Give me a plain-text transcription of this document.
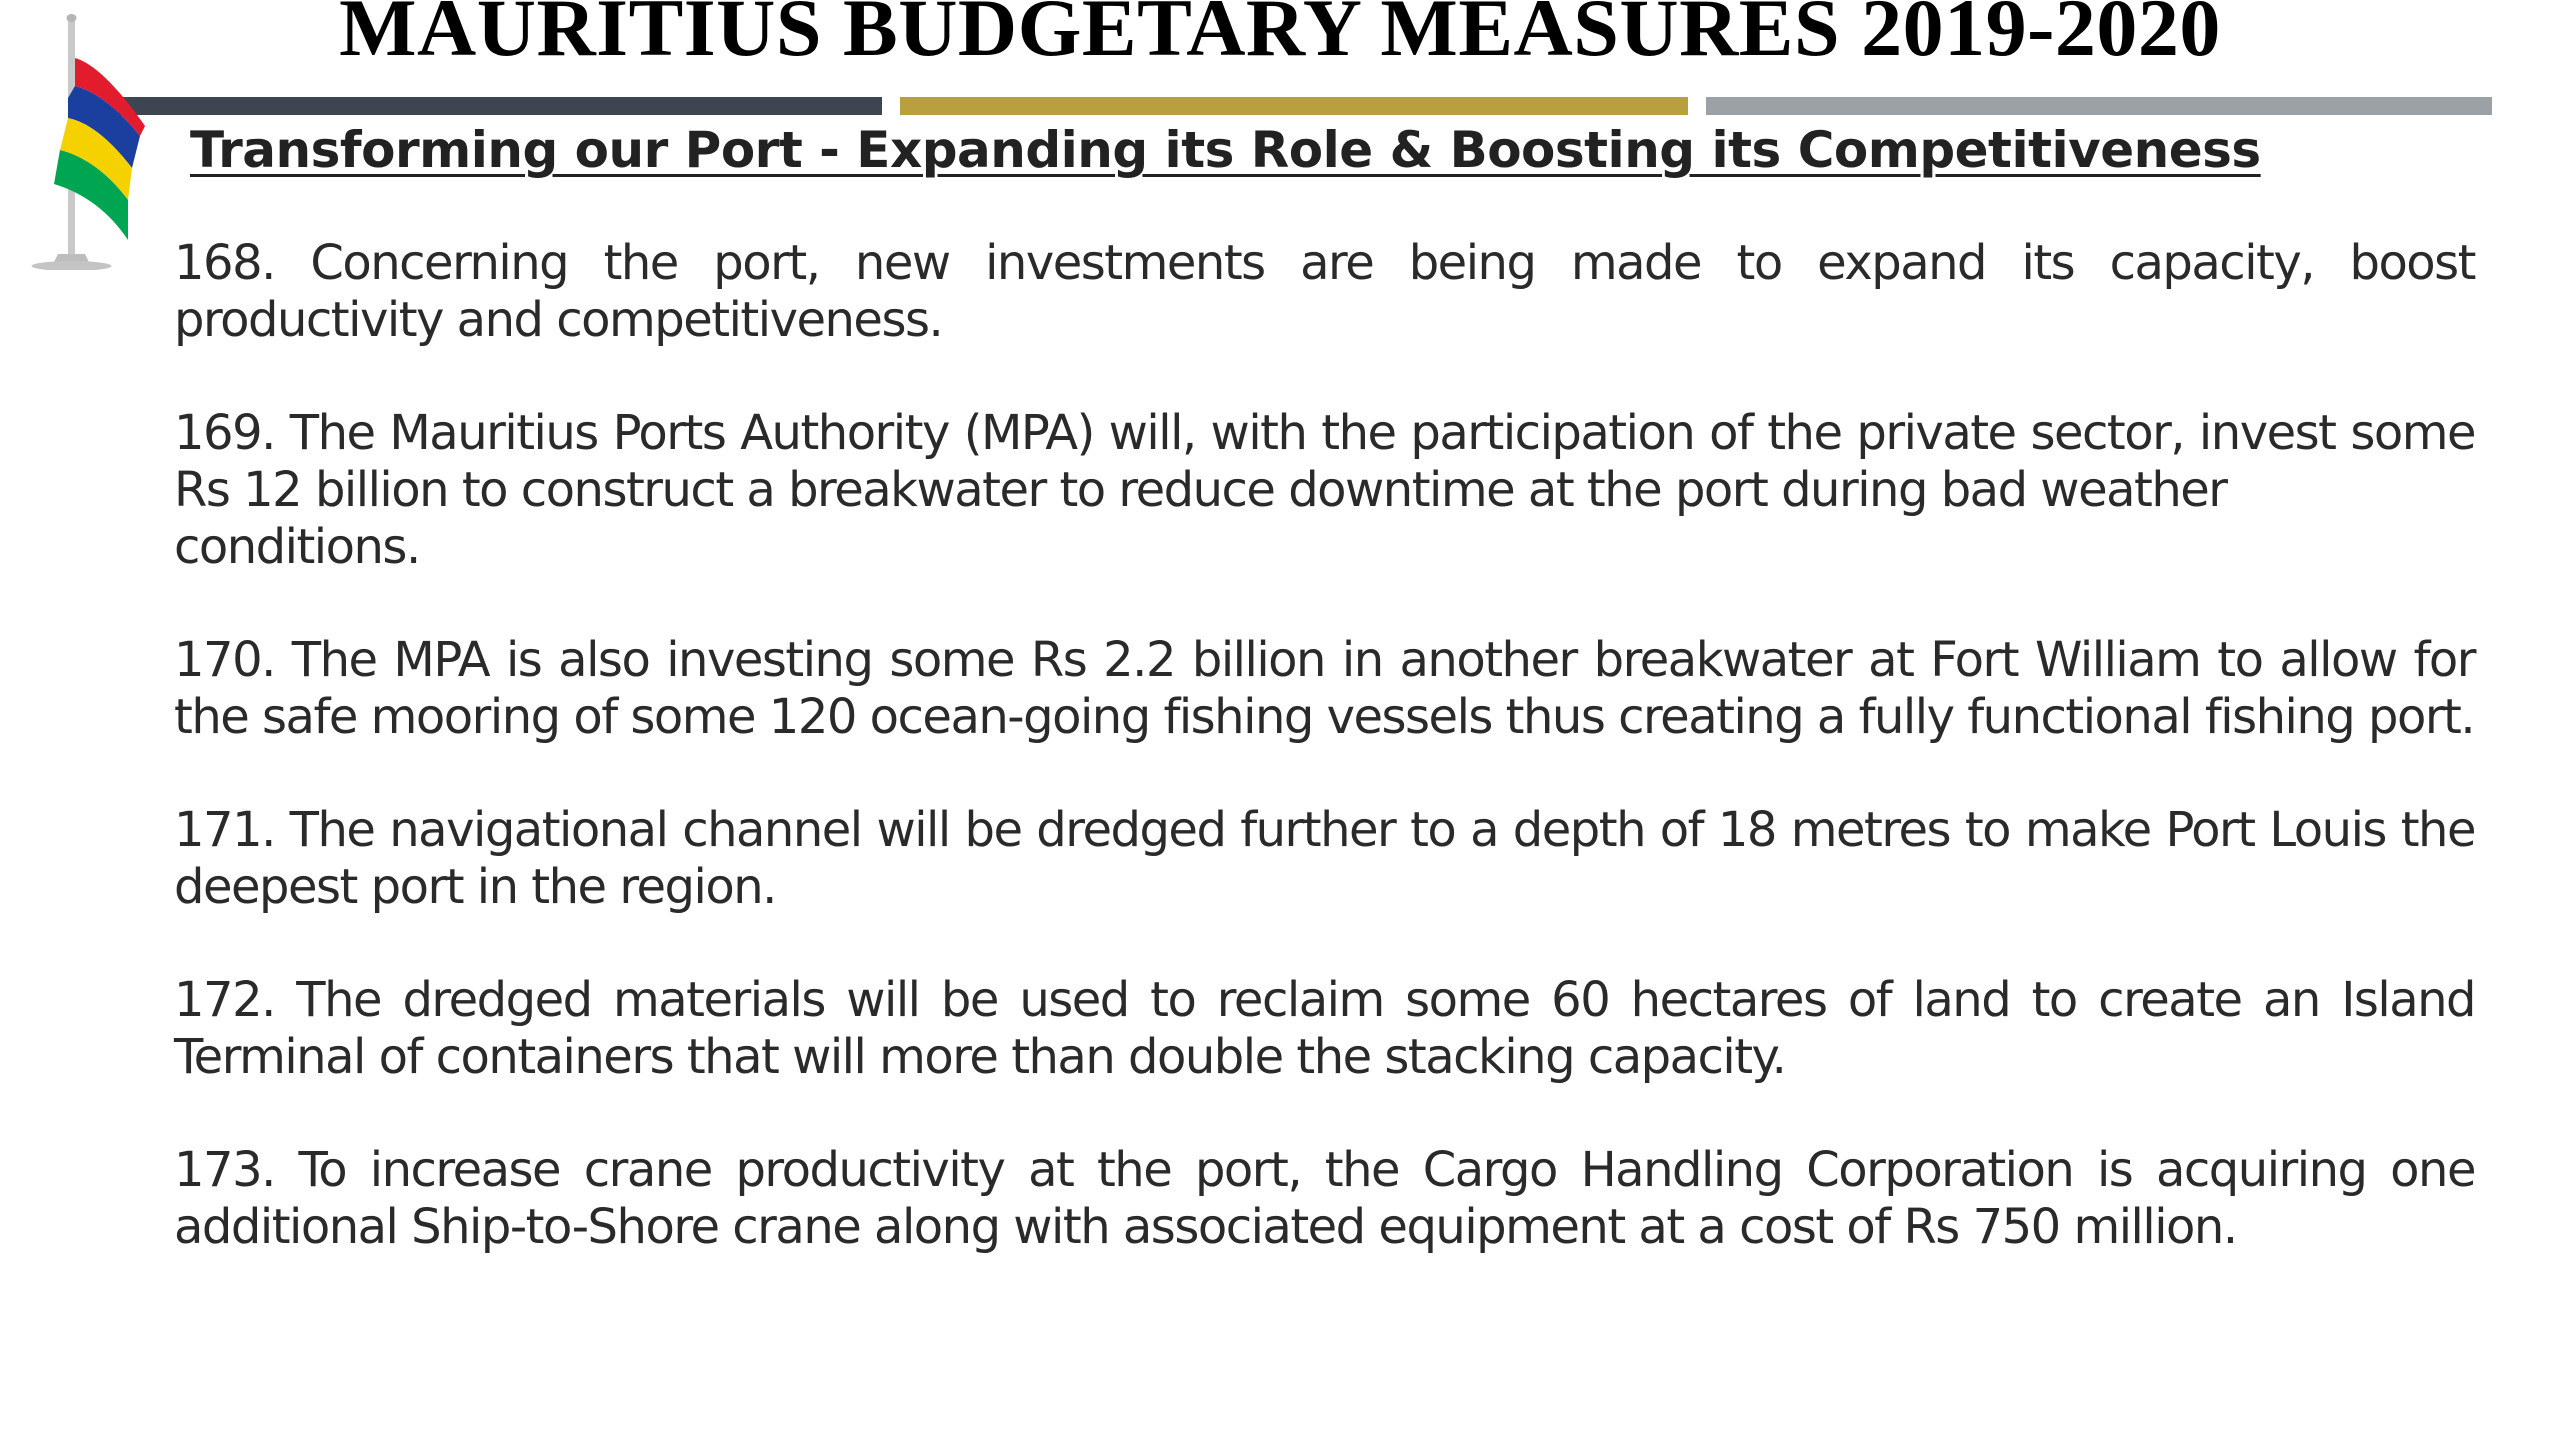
MAURITIUS BUDGETARY MEASURES 2019-2020
Transforming our Port - Expanding its Role & Boosting its Competitiveness

168. Concerning the port, new investments are being made to expand its capacity, boost productivity and competitiveness.

169. The Mauritius Ports Authority (MPA) will, with the participation of the private sector, invest some Rs 12 billion to construct a breakwater to reduce downtime at the port during bad weather

conditions.

170. The MPA is also investing some Rs 2.2 billion in another breakwater at Fort William to allow for the safe mooring of some 120 ocean-going fishing vessels thus creating a fully functional fishing port.

171. The navigational channel will be dredged further to a depth of 18 metres to make Port Louis the deepest port in the region.

172. The dredged materials will be used to reclaim some 60 hectares of land to create an Island Terminal of containers that will more than double the stacking capacity.

173. To increase crane productivity at the port, the Cargo Handling Corporation is acquiring one additional Ship-to-Shore crane along with associated equipment at a cost of Rs 750 million.
